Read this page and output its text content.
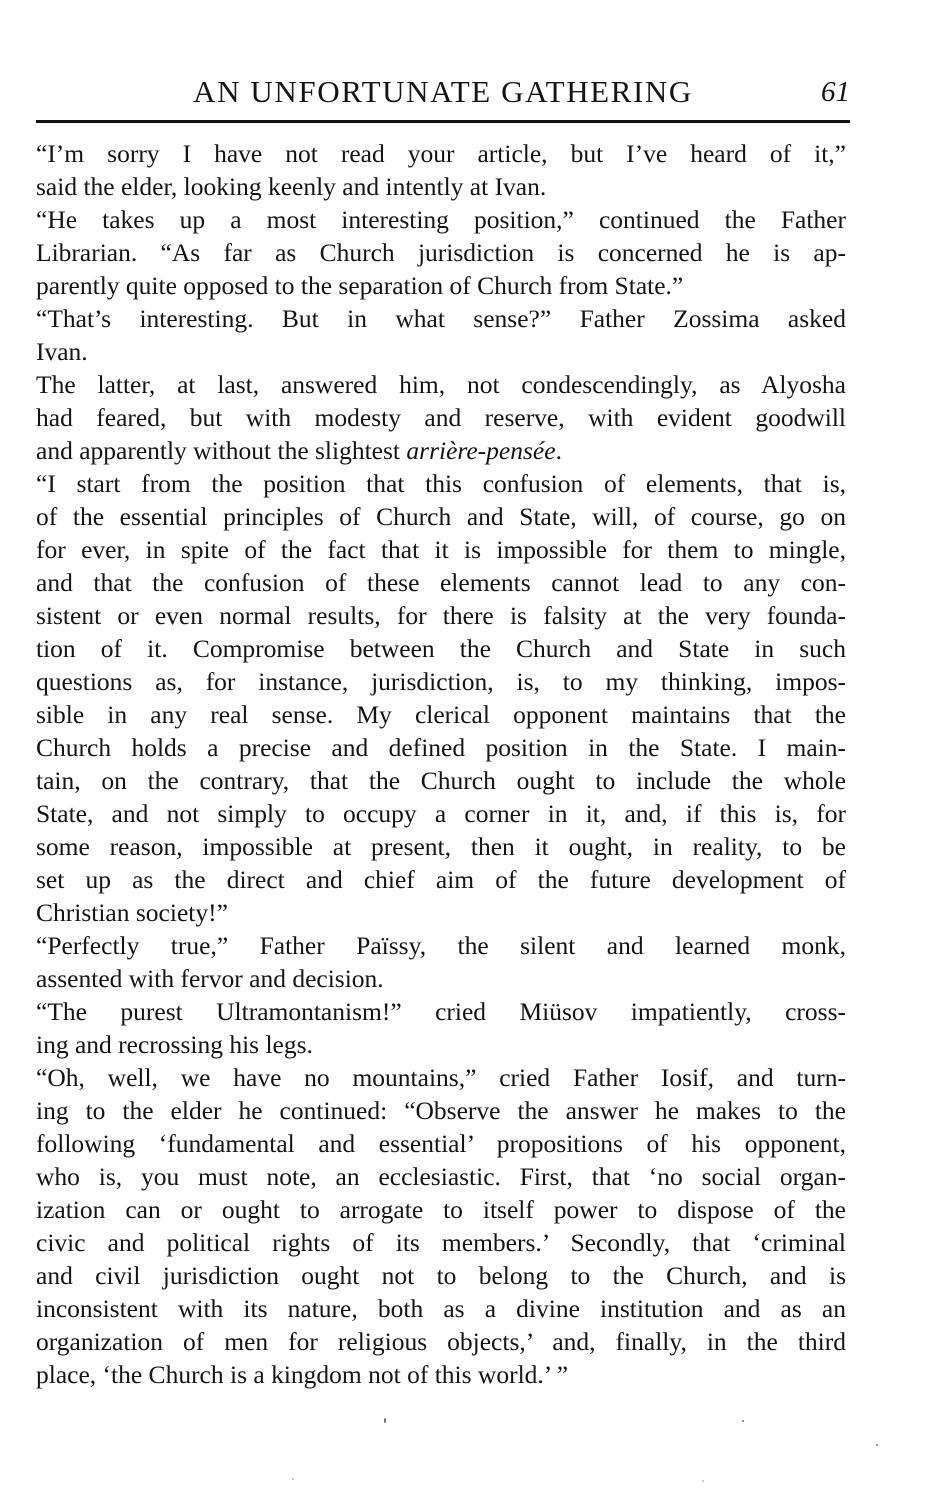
AN UNFORTUNATE GATHERING	61

“I’m sorry I have not read your article, but I’ve heard of it,”
said the elder, looking keenly and intently at Ivan.

“He takes up a most interesting position,” continued the Father
Librarian. “As far as Church jurisdiction is concerned he is ap-
parently quite opposed to the separation of Church from State.”

“That’s interesting. But in what sense?” Father Zossima asked
Ivan.

The latter, at last, answered him, not condescendingly, as Alyosha
had feared, but with modesty and reserve, with evident goodwill
and apparently without the slightest arrière-pensée.

“I start from the position that this confusion of elements, that is,
of the essential principles of Church and State, will, of course, go on
for ever, in spite of the fact that it is impossible for them to mingle,
and that the confusion of these elements cannot lead to any con-
sistent or even normal results, for there is falsity at the very founda-
tion of it. Compromise between the Church and State in such
questions as, for instance, jurisdiction, is, to my thinking, impos-
sible in any real sense. My clerical opponent maintains that the
Church holds a precise and defined position in the State. I main-
tain, on the contrary, that the Church ought to include the whole
State, and not simply to occupy a corner in it, and, if this is, for
some reason, impossible at present, then it ought, in reality, to be
set up as the direct and chief aim of the future development of
Christian society!”

“Perfectly true,” Father Païssy, the silent and learned monk,
assented with fervor and decision.

“The purest Ultramontanism!” cried Miüsov impatiently, cross-
ing and recrossing his legs.

“Oh, well, we have no mountains,” cried Father Iosif, and turn-
ing to the elder he continued: “Observe the answer he makes to the
following ‘fundamental and essential’ propositions of his opponent,
who is, you must note, an ecclesiastic. First, that ‘no social organ-
ization can or ought to arrogate to itself power to dispose of the
civic and political rights of its members.’ Secondly, that ‘criminal
and civil jurisdiction ought not to belong to the Church, and is
inconsistent with its nature, both as a divine institution and as an
organization of men for religious objects,’ and, finally, in the third
place, ‘the Church is a kingdom not of this world.’ ”
